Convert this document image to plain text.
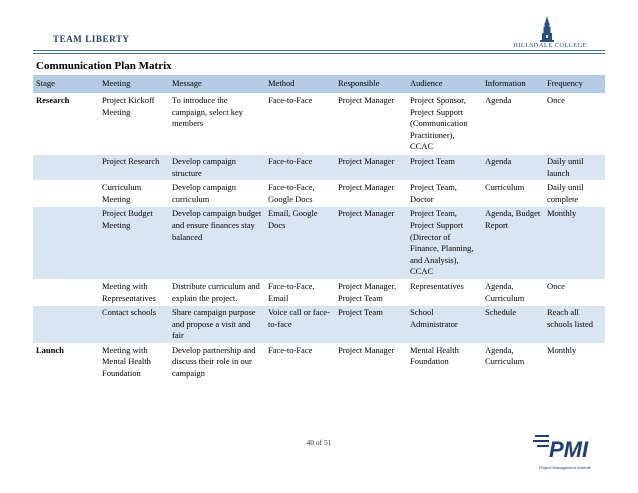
TEAM LIBERTY
HILLSDALE COLLEGE
Communication Plan Matrix
Stage	Meeting	Message	Method	Responsible	Audience	Information	Frequency
Research	Project Kickoff Meeting	To introduce the campaign, select key members	Face-to-Face	Project Manager	Project Sponsor, Project Support (Communication Practitioner), CCAC	Agenda	Once
	Project Research	Develop campaign structure	Face-to-Face	Project Manager	Project Team	Agenda	Daily until launch
	Curriculum Meeting	Develop campaign curriculum	Face-to-Face, Google Docs	Project Manager	Project Team, Doctor	Curriculum	Daily until complete
	Project Budget Meeting	Develop campaign budget and ensure finances stay balanced	Email, Google Docs	Project Manager	Project Team, Project Support (Director of Finance, Planning, and Analysis), CCAC	Agenda, Budget Report	Monthly
	Meeting with Representatives	Distribute curriculum and explain the project.	Face-to-Face, Email	Project Manager, Project Team	Representatives	Agenda, Curriculum	Once
	Contact schools	Share campaign purpose and propose a visit and fair	Voice call or face-to-face	Project Team	School Administrator	Schedule	Reach all schools listed
Launch	Meeting with Mental Health Foundation	Develop partnership and discuss their role in our campaign	Face-to-Face	Project Manager	Mental Health Foundation	Agenda, Curriculum	Monthly
40 of 51	PMI .
Project Management Institute
